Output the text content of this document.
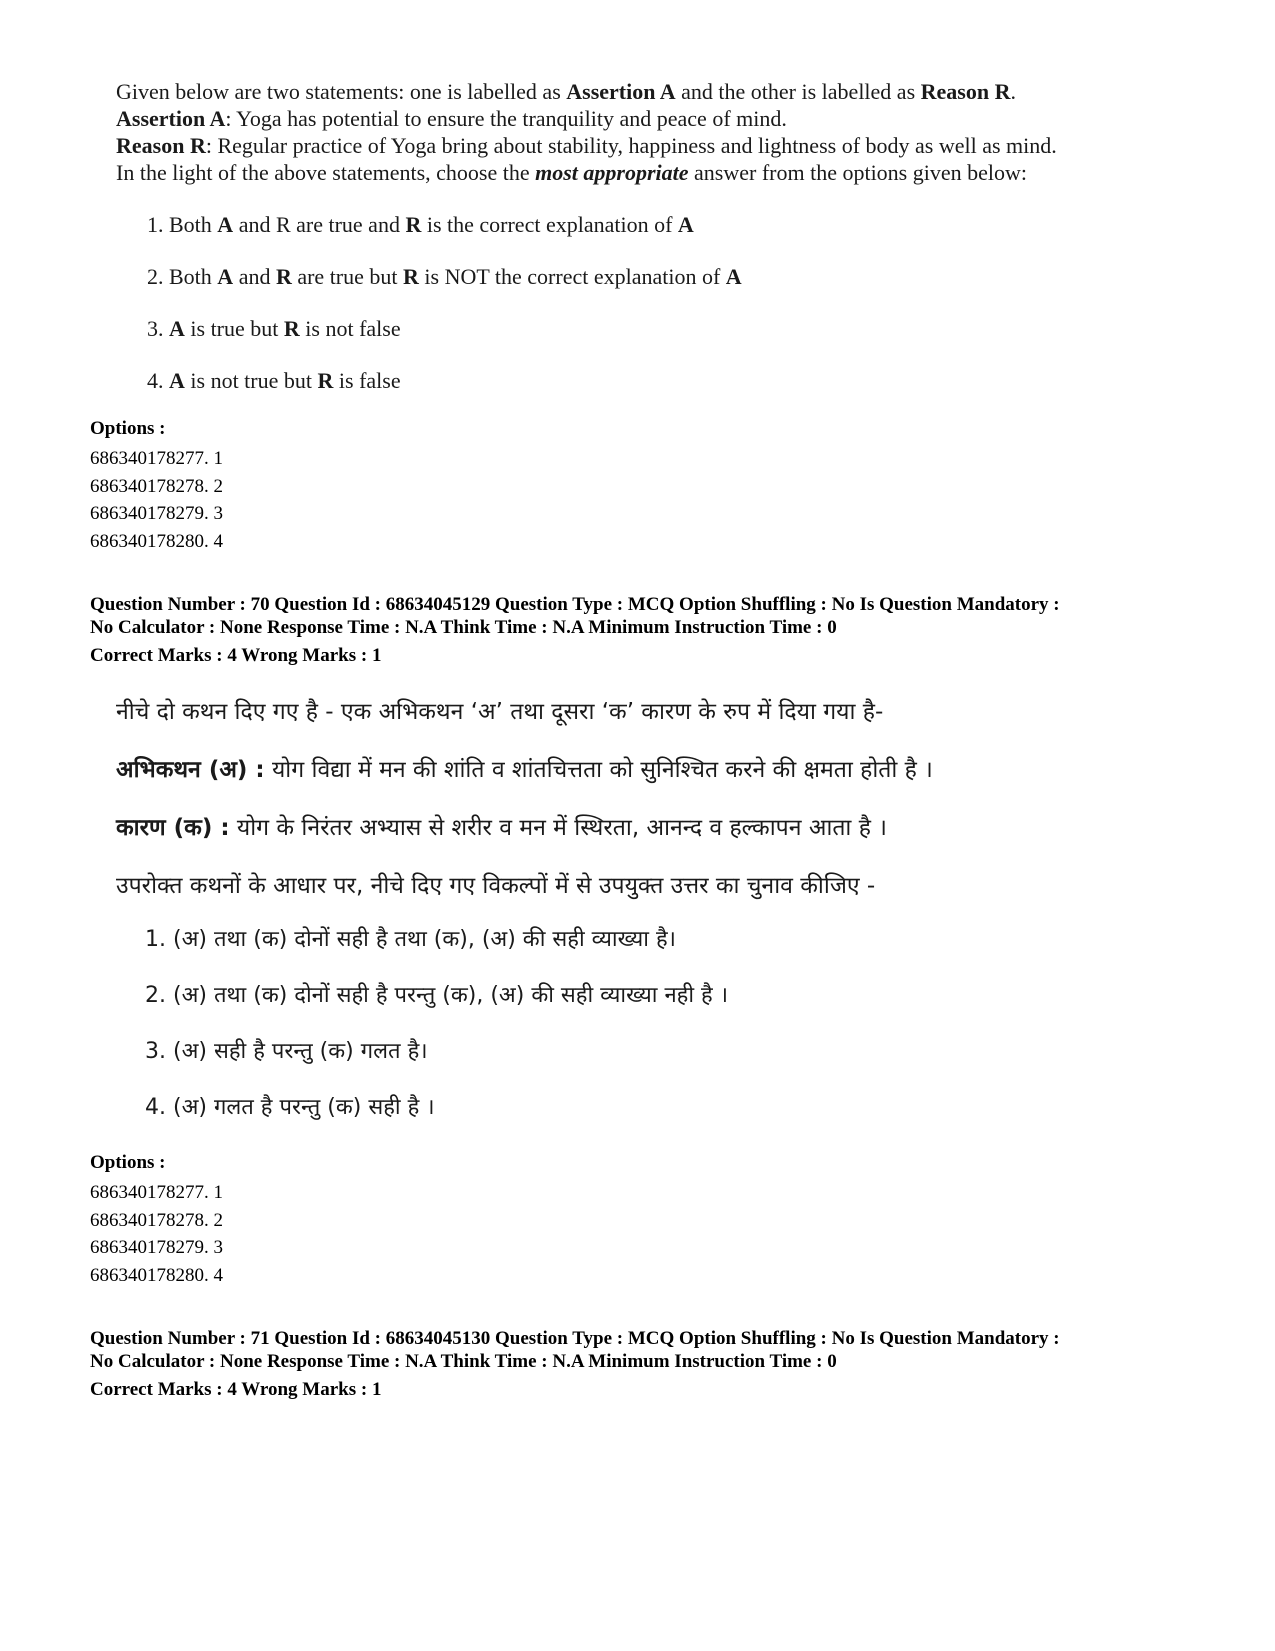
Given below are two statements: one is labelled as Assertion A and the other is labelled as Reason R.

Assertion A: Yoga has potential to ensure the tranquility and peace of mind.

Reason R: Regular practice of Yoga bring about stability, happiness and lightness of body as well as mind.

In the light of the above statements, choose the most appropriate answer from the options given below:

1. Both A and R are true and R is the correct explanation of A

2. Both A and R are true but R is NOT the correct explanation of A

3. A is true but R is not false

4. A is not true but R is false

Options :
686340178277. 1
686340178278. 2
686340178279. 3
686340178280. 4

Question Number : 70 Question Id : 68634045129 Question Type : MCQ Option Shuffling : No Is Question Mandatory :

No Calculator : None Response Time : N.A Think Time : N.A Minimum Instruction Time : 0

Correct Marks : 4 Wrong Marks : 1

नीचे दो कथन दिए गए है - एक अभिकथन ‘अ’ तथा दूसरा ‘क’ कारण के रुप में दिया गया है-

अभिकथन (अ) : योग विद्या में मन की शांति व शांतचित्तता को सुनिश्चित करने की क्षमता होती है ।

कारण (क) : योग के निरंतर अभ्यास से शरीर व मन में स्थिरता, आनन्द व हल्कापन आता है ।

उपरोक्त कथनों के आधार पर, नीचे दिए गए विकल्पों में से उपयुक्त उत्तर का चुनाव कीजिए -

1. (अ) तथा (क) दोनों सही है तथा (क), (अ) की सही व्याख्या है।

2. (अ) तथा (क) दोनों सही है परन्तु (क), (अ) की सही व्याख्या नही है ।

3. (अ) सही है परन्तु (क) गलत है।

4. (अ) गलत है परन्तु (क) सही है ।

Options :
686340178277. 1
686340178278. 2
686340178279. 3
686340178280. 4

Question Number : 71 Question Id : 68634045130 Question Type : MCQ Option Shuffling : No Is Question Mandatory :

No Calculator : None Response Time : N.A Think Time : N.A Minimum Instruction Time : 0

Correct Marks : 4 Wrong Marks : 1
